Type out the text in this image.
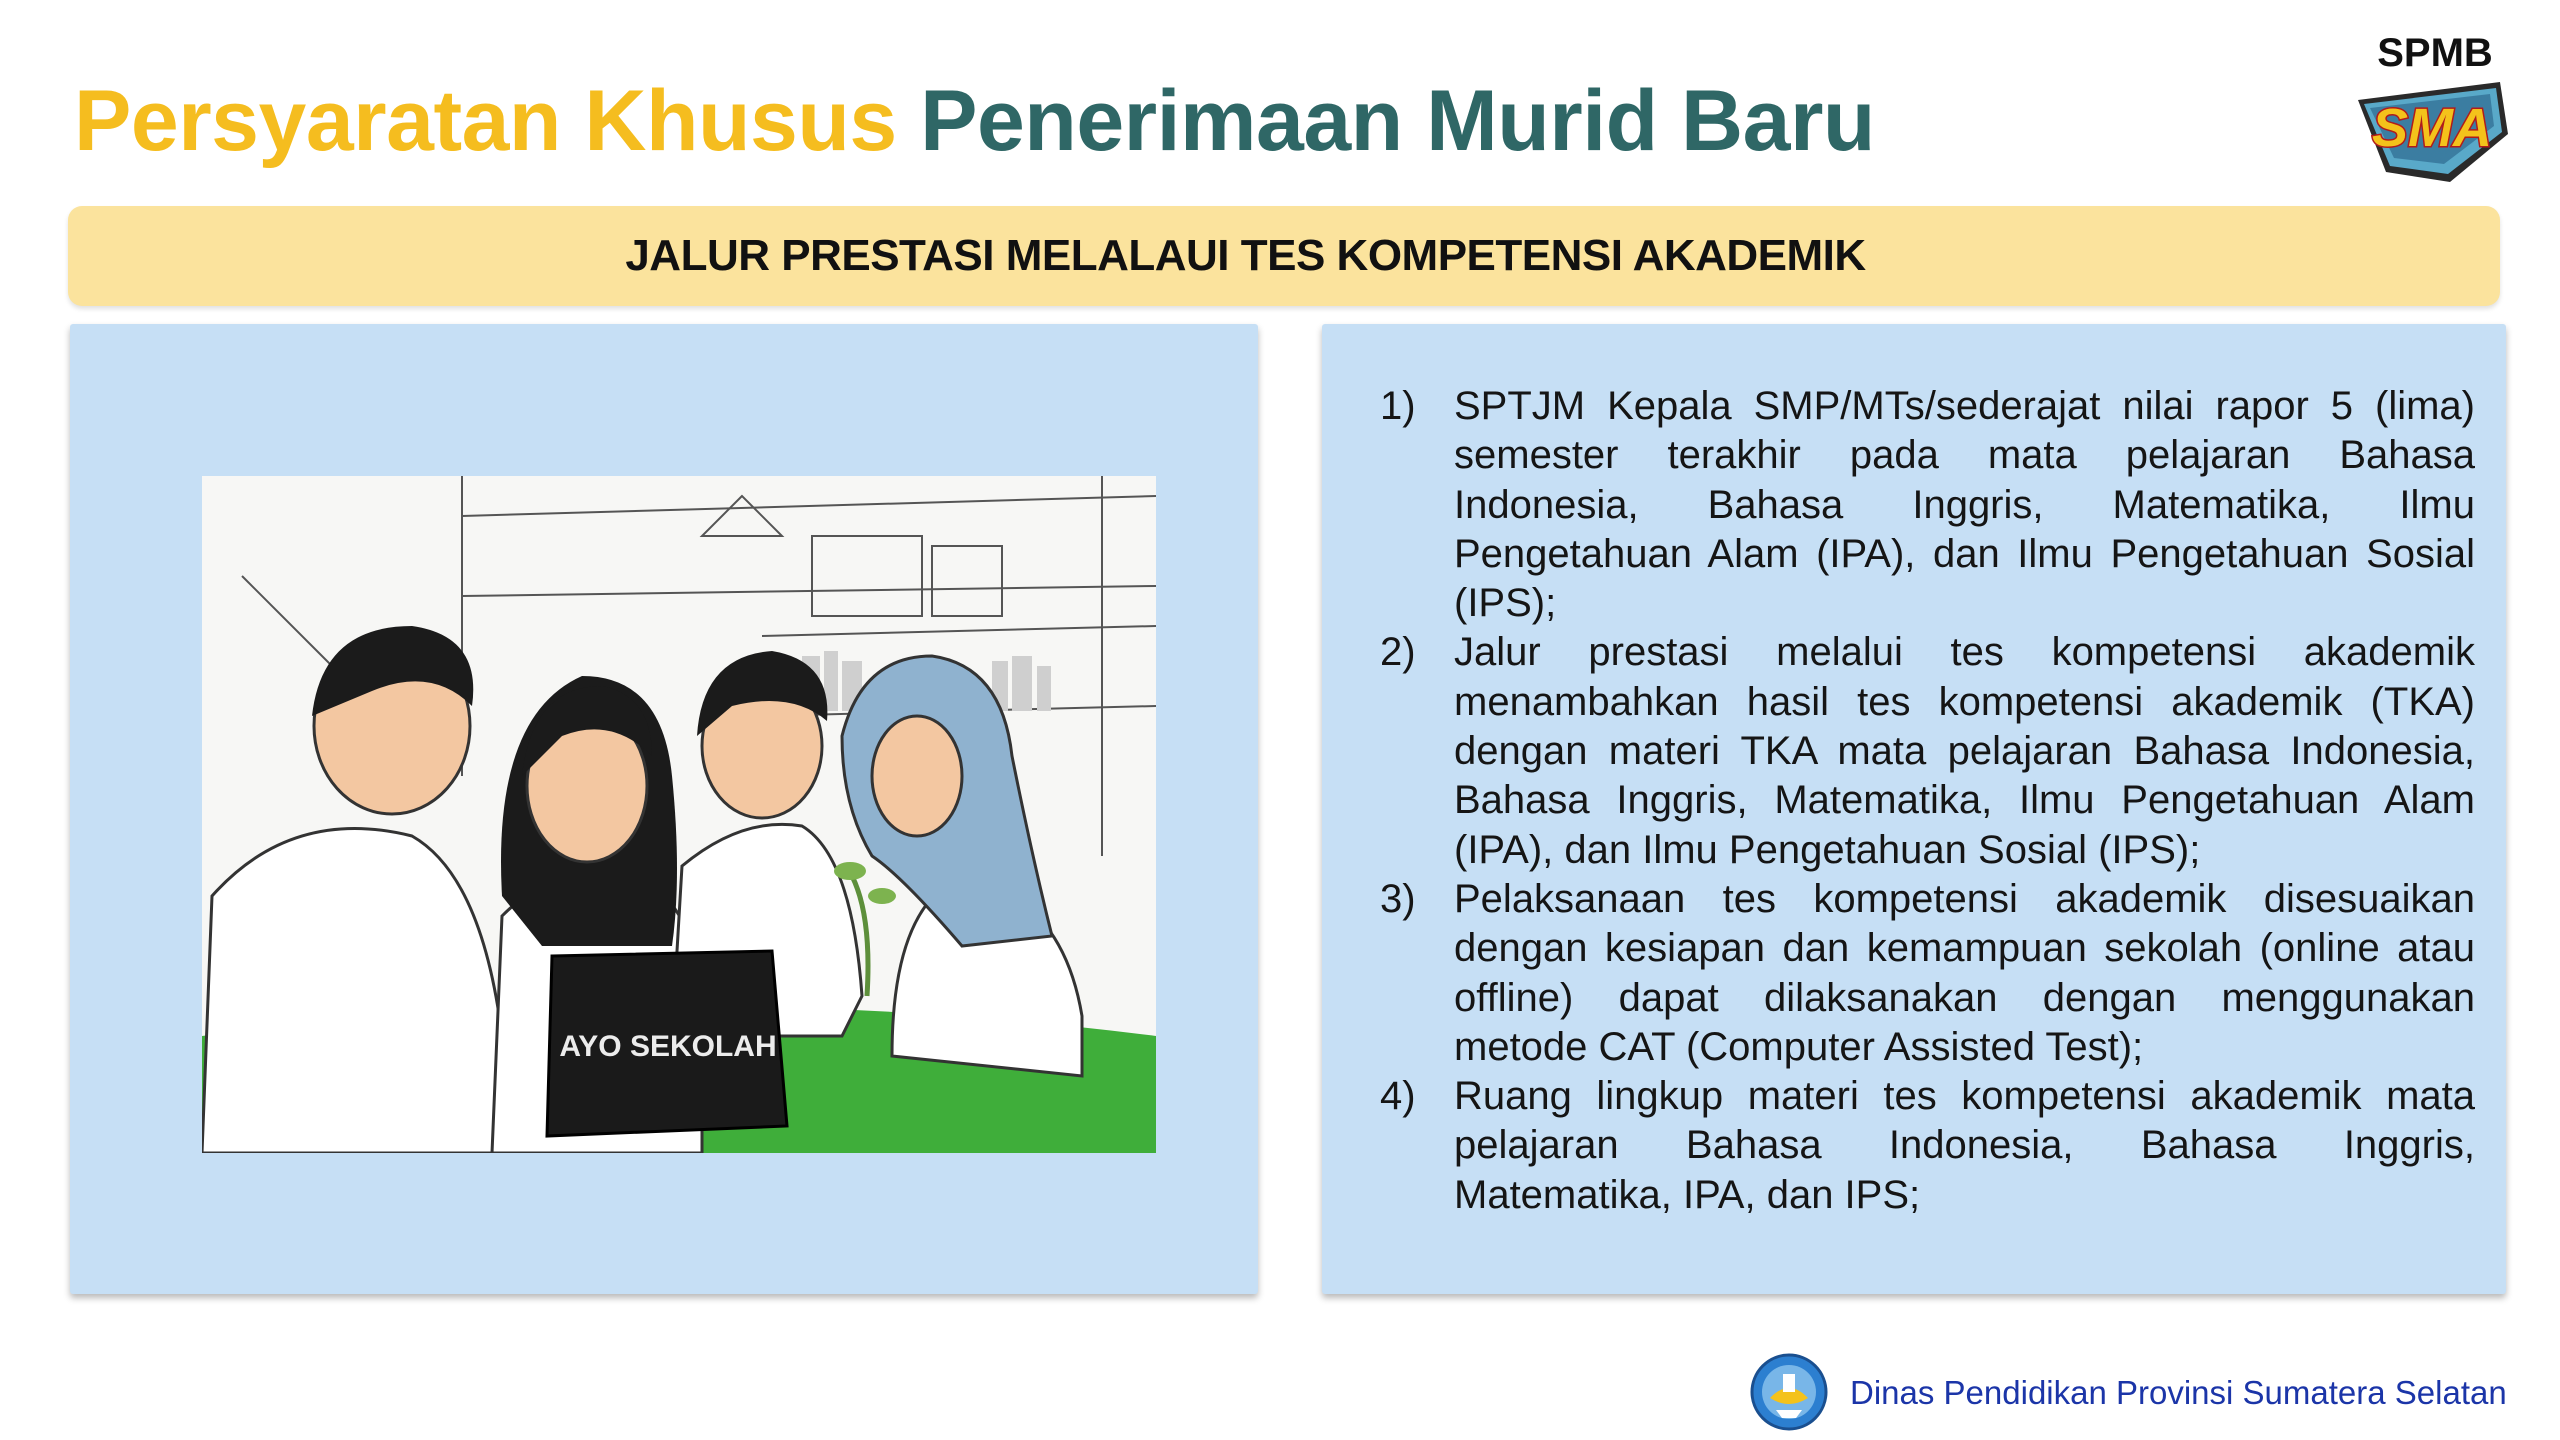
Persyaratan Khusus Penerimaan Murid Baru
SPMB
SMA
JALUR PRESTASI MELALAUI TES KOMPETENSI AKADEMIK
AYO SEKOLAH
1) SPTJM Kepala SMP/MTs/sederajat nilai rapor 5 (lima) semester terakhir pada mata pelajaran Bahasa Indonesia, Bahasa Inggris, Matematika, Ilmu Pengetahuan Alam (IPA), dan Ilmu Pengetahuan Sosial (IPS);
2) Jalur prestasi melalui tes kompetensi akademik menambahkan hasil tes kompetensi akademik (TKA) dengan materi TKA mata pelajaran Bahasa Indonesia, Bahasa Inggris, Matematika, Ilmu Pengetahuan Alam (IPA), dan Ilmu Pengetahuan Sosial (IPS);
3) Pelaksanaan tes kompetensi akademik disesuaikan dengan kesiapan dan kemampuan sekolah (online atau offline) dapat dilaksanakan dengan menggunakan metode CAT (Computer Assisted Test);
4) Ruang lingkup materi tes kompetensi akademik mata pelajaran Bahasa Indonesia, Bahasa Inggris, Matematika, IPA, dan IPS;
Dinas Pendidikan Provinsi Sumatera Selatan
